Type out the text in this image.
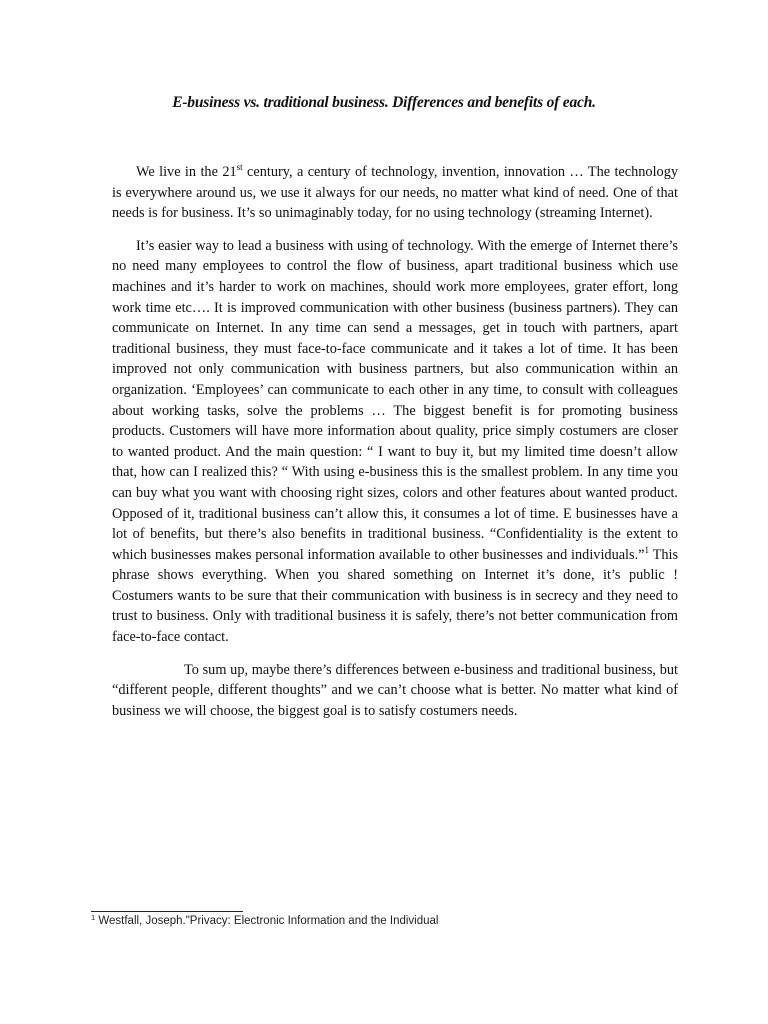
E-business vs. traditional business. Differences and benefits of each.

We live in the 21st century, a century of technology, invention, innovation … The technology is everywhere around us, we use it always for our needs, no matter what kind of need. One of that needs is for business. It’s so unimaginably today, for no using technology (streaming Internet).

It’s easier way to lead a business with using of technology. With the emerge of Internet there’s no need many employees to control the flow of business, apart traditional business which use machines and it’s harder to work on machines, should work more employees, grater effort, long work time etc…. It is improved communication with other business (business partners). They can communicate on Internet. In any time can send a messages, get in touch with partners, apart traditional business, they must face-to-face communicate and it takes a lot of time. It has been improved not only communication with business partners, but also communication within an organization. ‘Employees’ can communicate to each other in any time, to consult with colleagues about working tasks, solve the problems … The biggest benefit is for promoting business products. Customers will have more information about quality, price simply costumers are closer to wanted product. And the main question: “ I want to buy it, but my limited time doesn’t allow that, how can I realized this? “ With using e-business this is the smallest problem. In any time you can buy what you want with choosing right sizes, colors and other features about wanted product. Opposed of it, traditional business can’t allow this, it consumes a lot of time. E businesses have a lot of benefits, but there’s also benefits in traditional business. “Confidentiality is the extent to which businesses makes personal information available to other businesses and individuals.”$^1$ This phrase shows everything. When you shared something on Internet it’s done, it’s public ! Costumers wants to be sure that their communication with business is in secrecy and they need to trust to business. Only with traditional business it is safely, there’s not better communication from face-to-face contact.

To sum up, maybe there’s differences between e-business and traditional business, but “different people, different thoughts” and we can’t choose what is better. No matter what kind of business we will choose, the biggest goal is to satisfy costumers needs.

$^1$ Westfall, Joseph."Privacy: Electronic Information and the Individual
